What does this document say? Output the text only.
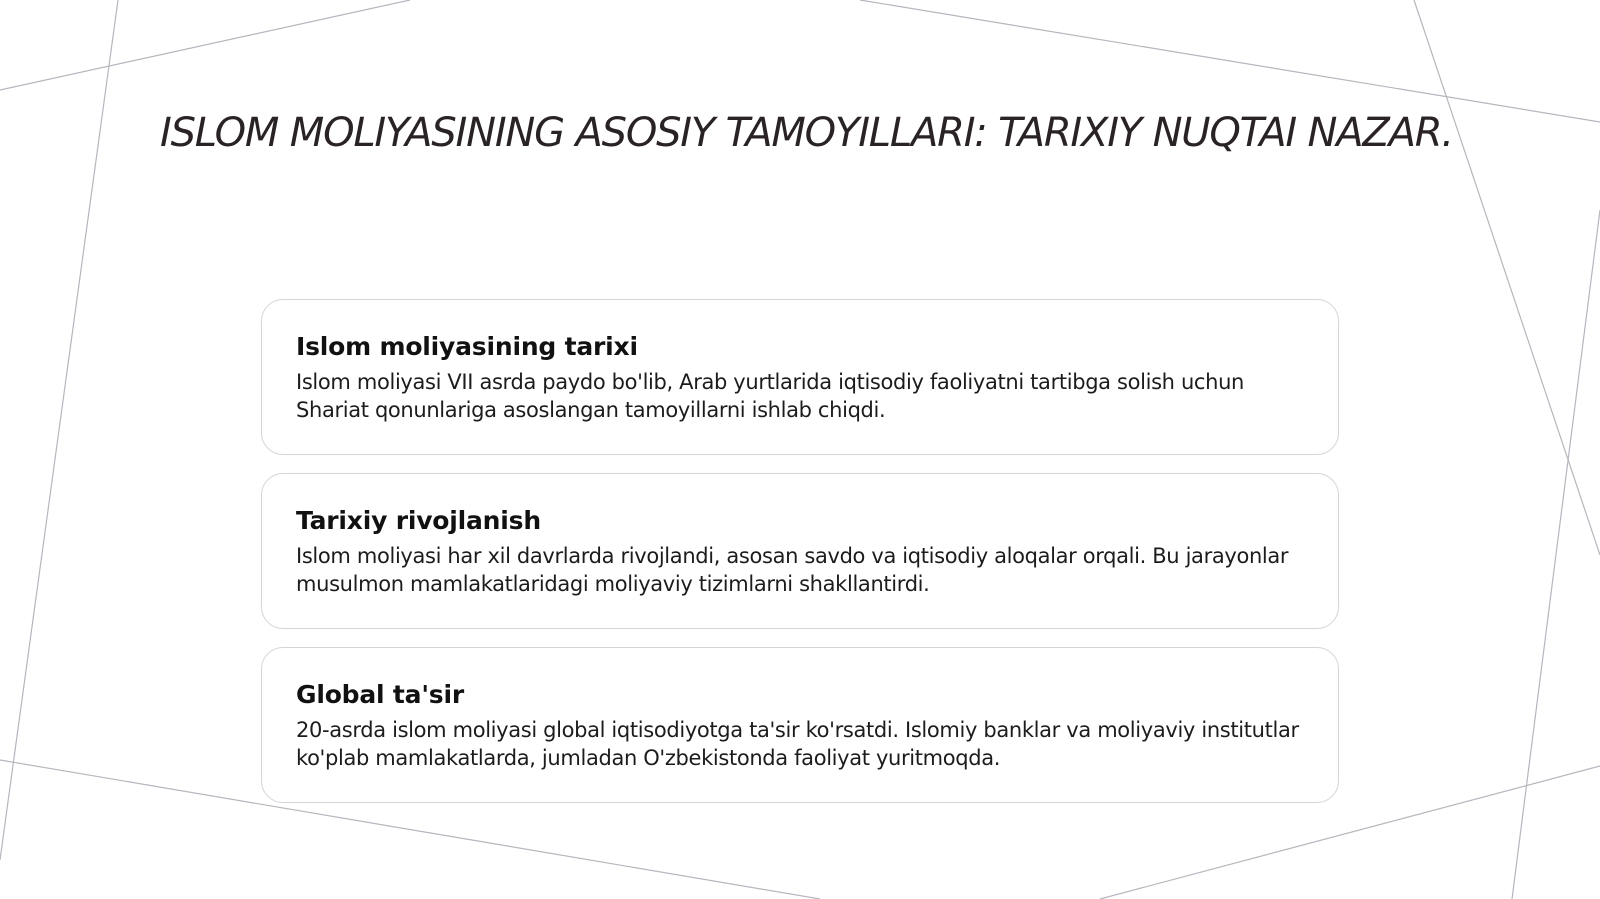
ISLOM MOLIYASINING ASOSIY TAMOYILLARI: TARIXIY NUQTAI NAZAR.
Islom moliyasining tarixi

Islom moliyasi VII asrda paydo bo'lib, Arab yurtlarida iqtisodiy faoliyatni tartibga solish uchun Shariat qonunlariga asoslangan tamoyillarni ishlab chiqdi.

Tarixiy rivojlanish

Islom moliyasi har xil davrlarda rivojlandi, asosan savdo va iqtisodiy aloqalar orqali. Bu jarayonlar musulmon mamlakatlaridagi moliyaviy tizimlarni shakllantirdi.

Global ta'sir

20-asrda islom moliyasi global iqtisodiyotga ta'sir ko'rsatdi. Islomiy banklar va moliyaviy institutlar ko'plab mamlakatlarda, jumladan O'zbekistonda faoliyat yuritmoqda.
